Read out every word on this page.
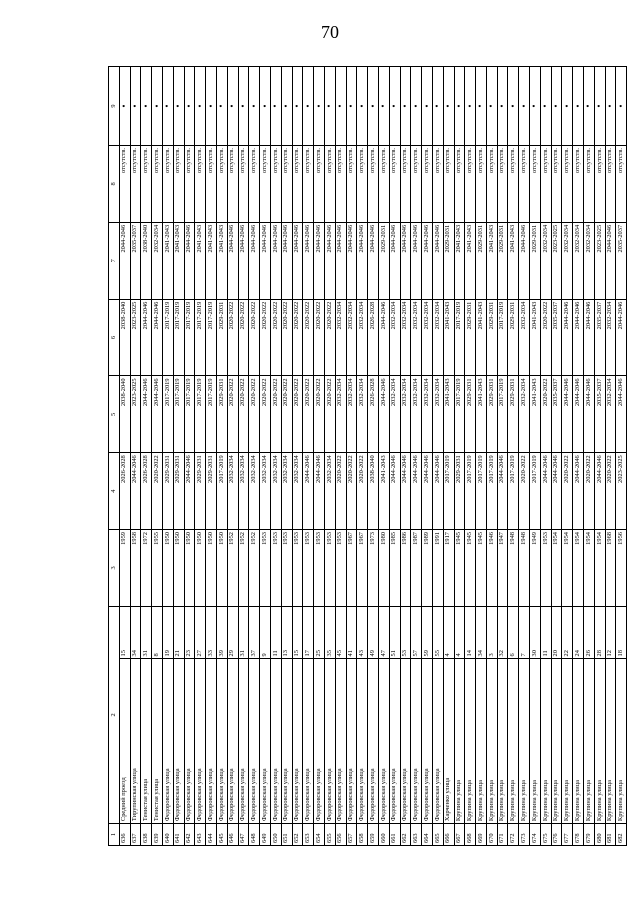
70
1	2		3	4	5	6	7	8	9
636	Средний проезд	15	1959	2026-2028	2038-2040	2038-2040	2044-2046	отсутств.	•
637	Тирупинская улица	34	1958	2044-2046	2023-2025	2023-2025	2035-2037	отсутств.	•
638	Тенистая улица	31	1972	2026-2028	2044-2046	2044-2046	2038-2040	отсутств.	•
639	Тенистая улица	8	1955	2020-2022	2044-2046	2044-2046	2032-2034	отсутств.	•
640	Федоровская улица	19	1950	2029-2031	2017-2019	2017-2019	2041-2043	отсутств.	•
641	Федоровская улица	21	1950	2029-2031	2017-2019	2017-2019	2041-2043	отсутств.	•
642	Федоровская улица	23	1950	2044-2046	2017-2019	2017-2019	2044-2046	отсутств.	•
643	Федоровская улица	27	1950	2029-2031	2017-2019	2017-2019	2041-2043	отсутств.	•
644	Федоровская улица	33	1950	2029-2031	2017-2019	2017-2019	2041-2043	отсутств.	•
645	Федоровская улица	39	1950	2017-2019	2029-2031	2029-2031	2041-2043	отсутств.	•
646	Федоровская улица	29	1952	2032-2034	2020-2022	2020-2022	2044-2046	отсутств.	•
647	Федоровская улица	31	1952	2032-2034	2020-2022	2020-2022	2044-2046	отсутств.	•
648	Федоровская улица	37	1952	2032-2034	2020-2022	2020-2022	2044-2046	отсутств.	•
649	Федоровская улица	9	1953	2032-2034	2020-2022	2020-2022	2044-2046	отсутств.	•
650	Федоровская улица	11	1953	2032-2034	2020-2022	2020-2022	2044-2046	отсутств.	•
651	Федоровская улица	13	1953	2032-2034	2020-2022	2020-2022	2044-2046	отсутств.	•
652	Федоровская улица	15	1953	2032-2034	2020-2022	2020-2022	2044-2046	отсутств.	•
653	Федоровская улица	17	1953	2044-2046	2020-2022	2020-2022	2044-2046	отсутств.	•
654	Федоровская улица	25	1953	2044-2046	2020-2022	2020-2022	2044-2046	отсутств.	•
655	Федоровская улица	35	1953	2032-2034	2020-2022	2020-2022	2044-2046	отсутств.	•
656	Федоровская улица	45	1953	2020-2022	2032-2034	2032-2034	2044-2046	отсутств.	•
657	Федоровская улица	41	1967	2020-2022	2032-2034	2032-2034	2044-2046	отсутств.	•
658	Федоровская улица	43	1967	2020-2022	2032-2034	2032-2034	2044-2046	отсутств.	•
659	Федоровская улица	49	1973	2038-2040	2026-2028	2026-2028	2044-2046	отсутств.	•
660	Федоровская улица	47	1980	2041-2043	2044-2046	2044-2046	2029-2031	отсутств.	•
661	Федоровская улица	51	1985	2044-2046	2032-2034	2032-2034	2044-2046	отсутств.	•
662	Федоровская улица	53	1986	2044-2046	2032-2034	2032-2034	2044-2046	отсутств.	•
663	Федоровская улица	57	1987	2044-2046	2032-2034	2032-2034	2044-2046	отсутств.	•
664	Федоровская улица	59	1989	2044-2046	2032-2034	2032-2034	2044-2046	отсутств.	•
665	Федоровская улица	55	1991	2044-2046	2032-2034	2032-2034	2044-2046	отсутств.	•
666	Харченко улица	4	1917	2017-2019	2041-2043	2041-2043	2029-2031	отсутств.	•
667	Крупина улица	4	1945	2029-2031	2017-2019	2017-2019	2041-2043	отсутств.	•
668	Крупина улица	14	1945	2017-2019	2029-2031	2029-2031	2041-2043	отсутств.	•
669	Крупина улица	34	1945	2017-2019	2041-2043	2041-2043	2029-2031	отсутств.	•
670	Крупина улица	3	1946	2017-2019	2029-2031	2029-2031	2041-2043	отсутств.	•
671	Крупина улица	32	1947	2044-2046	2017-2019	2017-2019	2029-2031	отсутств.	•
672	Крупина улица	6	1948	2017-2019	2029-2031	2029-2031	2041-2043	отсутств.	•
673	Крупина улица	7	1948	2020-2022	2032-2034	2032-2034	2044-2046	отсутств.	•
674	Крупина улица	30	1949	2017-2019	2041-2043	2041-2043	2029-2031	отсутств.	•
675	Крупина улица	11	1953	2044-2046	2020-2022	2020-2022	2032-2034	отсутств.	•
676	Крупина улица	20	1954	2044-2046	2035-2037	2035-2037	2023-2025	отсутств.	•
677	Крупина улица	22	1954	2020-2022	2044-2046	2044-2046	2032-2034	отсутств.	•
678	Крупина улица	24	1954	2044-2046	2044-2046	2044-2046	2032-2034	отсутств.	•
679	Крупина улица	26	1954	2020-2022	2044-2046	2044-2046	2032-2034	отсутств.	•
680	Крупина улица	28	1954	2044-2046	2035-2037	2035-2037	2023-2025	отсутств.	•
681	Крупина улица	12	1968	2020-2022	2032-2034	2032-2034	2044-2046	отсутств.	•
682	Крупина улица	18	1956	2023-2025	2044-2046	2044-2046	2035-2037	отсутств.	•
